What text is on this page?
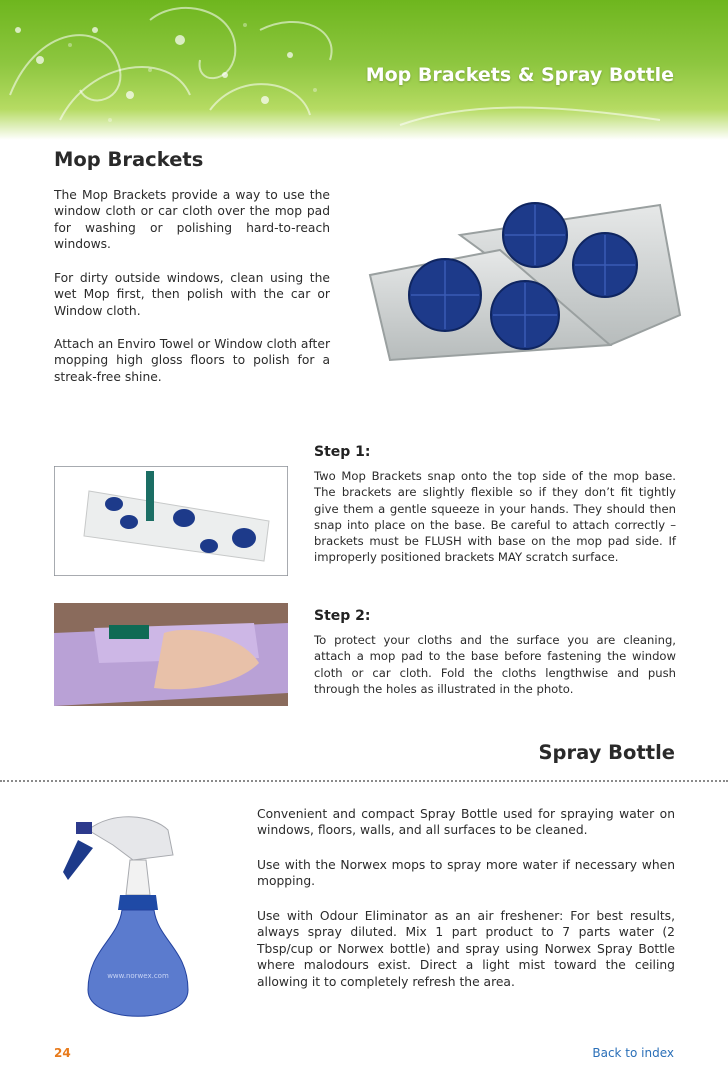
Mop Brackets & Spray Bottle
Mop Brackets

The Mop Brackets provide a way to use the window cloth or car cloth over the mop pad for washing or polishing hard-to-reach windows.

For dirty outside windows, clean using the wet Mop first, then polish with the car or Window cloth.

Attach an Enviro Towel or Window cloth after mopping high gloss floors to polish for a streak-free shine.

Step 1:

Two Mop Brackets snap onto the top side of the mop base. The brackets are slightly flexible so if they don’t fit tightly give them a gentle squeeze in your hands. They should then snap into place on the base. Be careful to attach correctly – brackets must be FLUSH with base on the mop pad side. If improperly positioned brackets MAY scratch surface.

Step 2:

To protect your cloths and the surface you are cleaning, attach a mop pad to the base before fastening the window cloth or car cloth. Fold the cloths lengthwise and push through the holes as illustrated in the photo.

Spray Bottle
www.norwex.com

Convenient and compact Spray Bottle used for spraying water on windows, floors, walls, and all surfaces to be cleaned.

Use with the Norwex mops to spray more water if necessary when mopping.

Use with Odour Eliminator as an air freshener: For best results, always spray diluted. Mix 1 part product to 7 parts water (2 Tbsp/cup or Norwex bottle) and spray using Norwex Spray Bottle where malodours exist. Direct a light mist toward the ceiling allowing it to completely refresh the area.

24	Back to index
